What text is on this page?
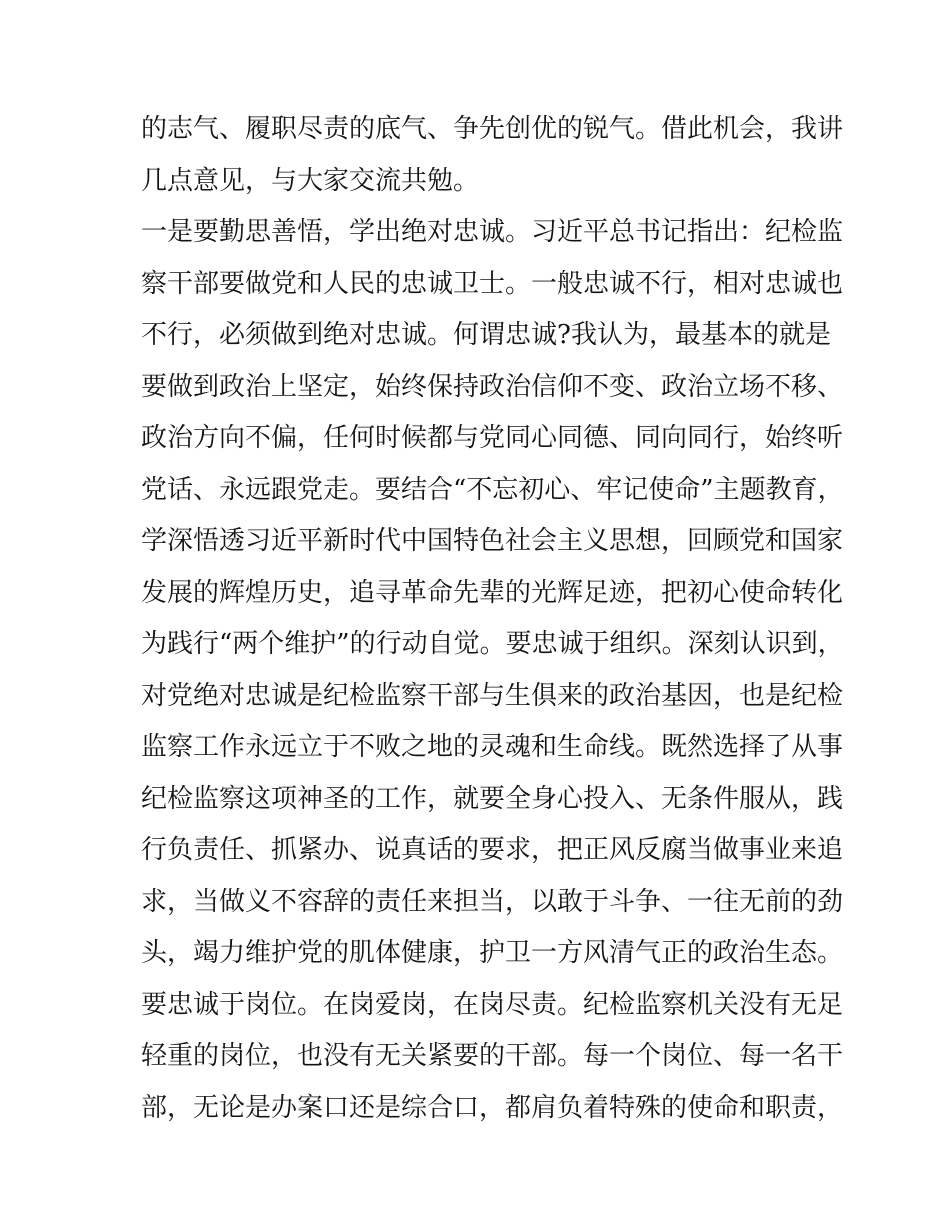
的志气、履职尽责的底气、争先创优的锐气。借此机会，我讲
几点意见，与大家交流共勉。
一是要勤思善悟，学出绝对忠诚。习近平总书记指出：纪检监
察干部要做党和人民的忠诚卫士。一般忠诚不行，相对忠诚也
不行，必须做到绝对忠诚。何谓忠诚?我认为，最基本的就是
要做到政治上坚定，始终保持政治信仰不变、政治立场不移、
政治方向不偏，任何时候都与党同心同德、同向同行，始终听
党话、永远跟党走。要结合“不忘初心、牢记使命”主题教育，
学深悟透习近平新时代中国特色社会主义思想，回顾党和国家
发展的辉煌历史，追寻革命先辈的光辉足迹，把初心使命转化
为践行“两个维护”的行动自觉。要忠诚于组织。深刻认识到，
对党绝对忠诚是纪检监察干部与生俱来的政治基因，也是纪检
监察工作永远立于不败之地的灵魂和生命线。既然选择了从事
纪检监察这项神圣的工作，就要全身心投入、无条件服从，践
行负责任、抓紧办、说真话的要求，把正风反腐当做事业来追
求，当做义不容辞的责任来担当，以敢于斗争、一往无前的劲
头，竭力维护党的肌体健康，护卫一方风清气正的政治生态。
要忠诚于岗位。在岗爱岗，在岗尽责。纪检监察机关没有无足
轻重的岗位，也没有无关紧要的干部。每一个岗位、每一名干
部，无论是办案口还是综合口，都肩负着特殊的使命和职责，
